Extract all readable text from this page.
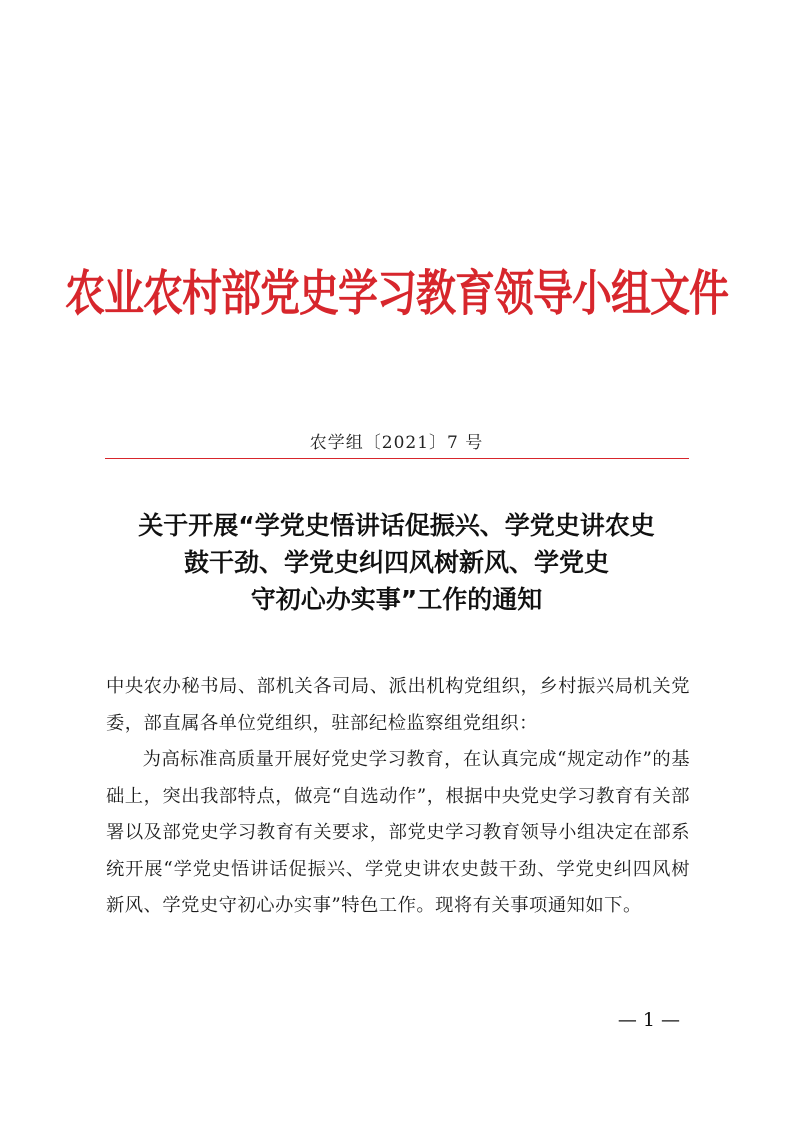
农业农村部党史学习教育领导小组文件
农学组〔2021〕7 号
关于开展“学党史悟讲话促振兴、学党史讲农史
鼓干劲、学党史纠四风树新风、学党史
守初心办实事”工作的通知

中央农办秘书局、部机关各司局、派出机构党组织，乡村振兴局机关党委，部直属各单位党组织，驻部纪检监察组党组织：

为高标准高质量开展好党史学习教育，在认真完成“规定动作”的基础上，突出我部特点，做亮“自选动作”，根据中央党史学习教育有关部署以及部党史学习教育有关要求，部党史学习教育领导小组决定在部系统开展“学党史悟讲话促振兴、学党史讲农史鼓干劲、学党史纠四风树新风、学党史守初心办实事”特色工作。现将有关事项通知如下。

— 1 —
